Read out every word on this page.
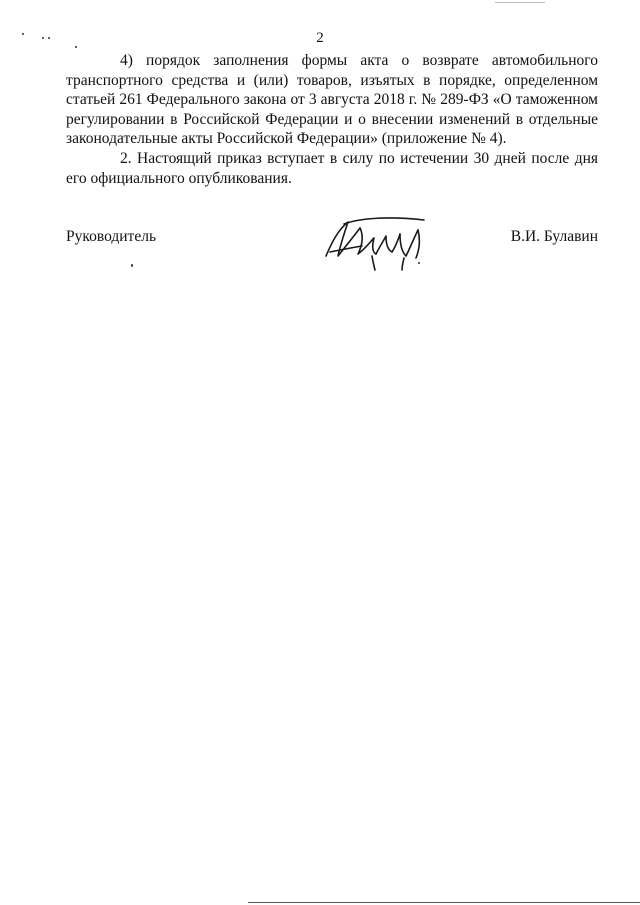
2

4) порядок заполнения формы акта о возврате автомобильного транспортного средства и (или) товаров, изъятых в порядке, определенном статьей 261 Федерального закона от 3 августа 2018 г. № 289-ФЗ «О таможенном регулировании в Российской Федерации и о внесении изменений в отдельные законодательные акты Российской Федерации» (приложение № 4).

2. Настоящий приказ вступает в силу по истечении 30 дней после дня его официального опубликования.

Руководитель	В.И. Булавин
